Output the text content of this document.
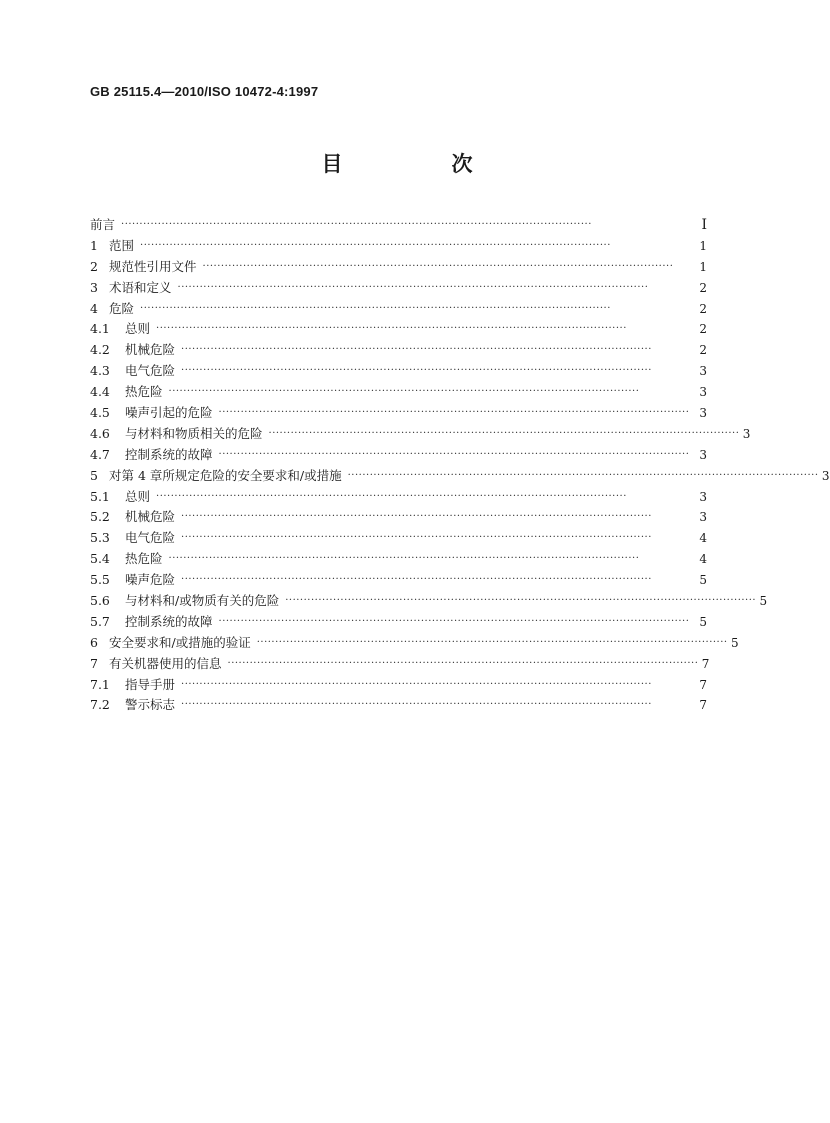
GB 25115.4—2010/ISO 10472-4:1997
目　次
前言 ································································································································	Ⅰ
1 范围 ································································································································	1
2 规范性引用文件 ································································································································	1
3 术语和定义 ································································································································	2
4 危险 ································································································································	2
4.1	总则 ································································································································	2
4.2	机械危险 ································································································································	2
4.3	电气危险 ································································································································	3
4.4	热危险 ································································································································	3
4.5	噪声引起的危险 ································································································································ 3
4.6	与材料和物质相关的危险 ································································································································ 3
4.7	控制系统的故障 ································································································································ 3
5 对第 4 章所规定危险的安全要求和/或措施 ································································································································ 3
5.1	总则 ································································································································	3
5.2	机械危险 ································································································································	3
5.3	电气危险 ································································································································	4
5.4	热危险 ································································································································	4
5.5	噪声危险 ································································································································	5
5.6	与材料和/或物质有关的危险 ································································································································ 5
5.7	控制系统的故障 ································································································································ 5
6 安全要求和/或措施的验证 ································································································································ 5
7 有关机器使用的信息 ································································································································ 7
7.1	指导手册 ································································································································	7
7.2	警示标志 ································································································································	7
